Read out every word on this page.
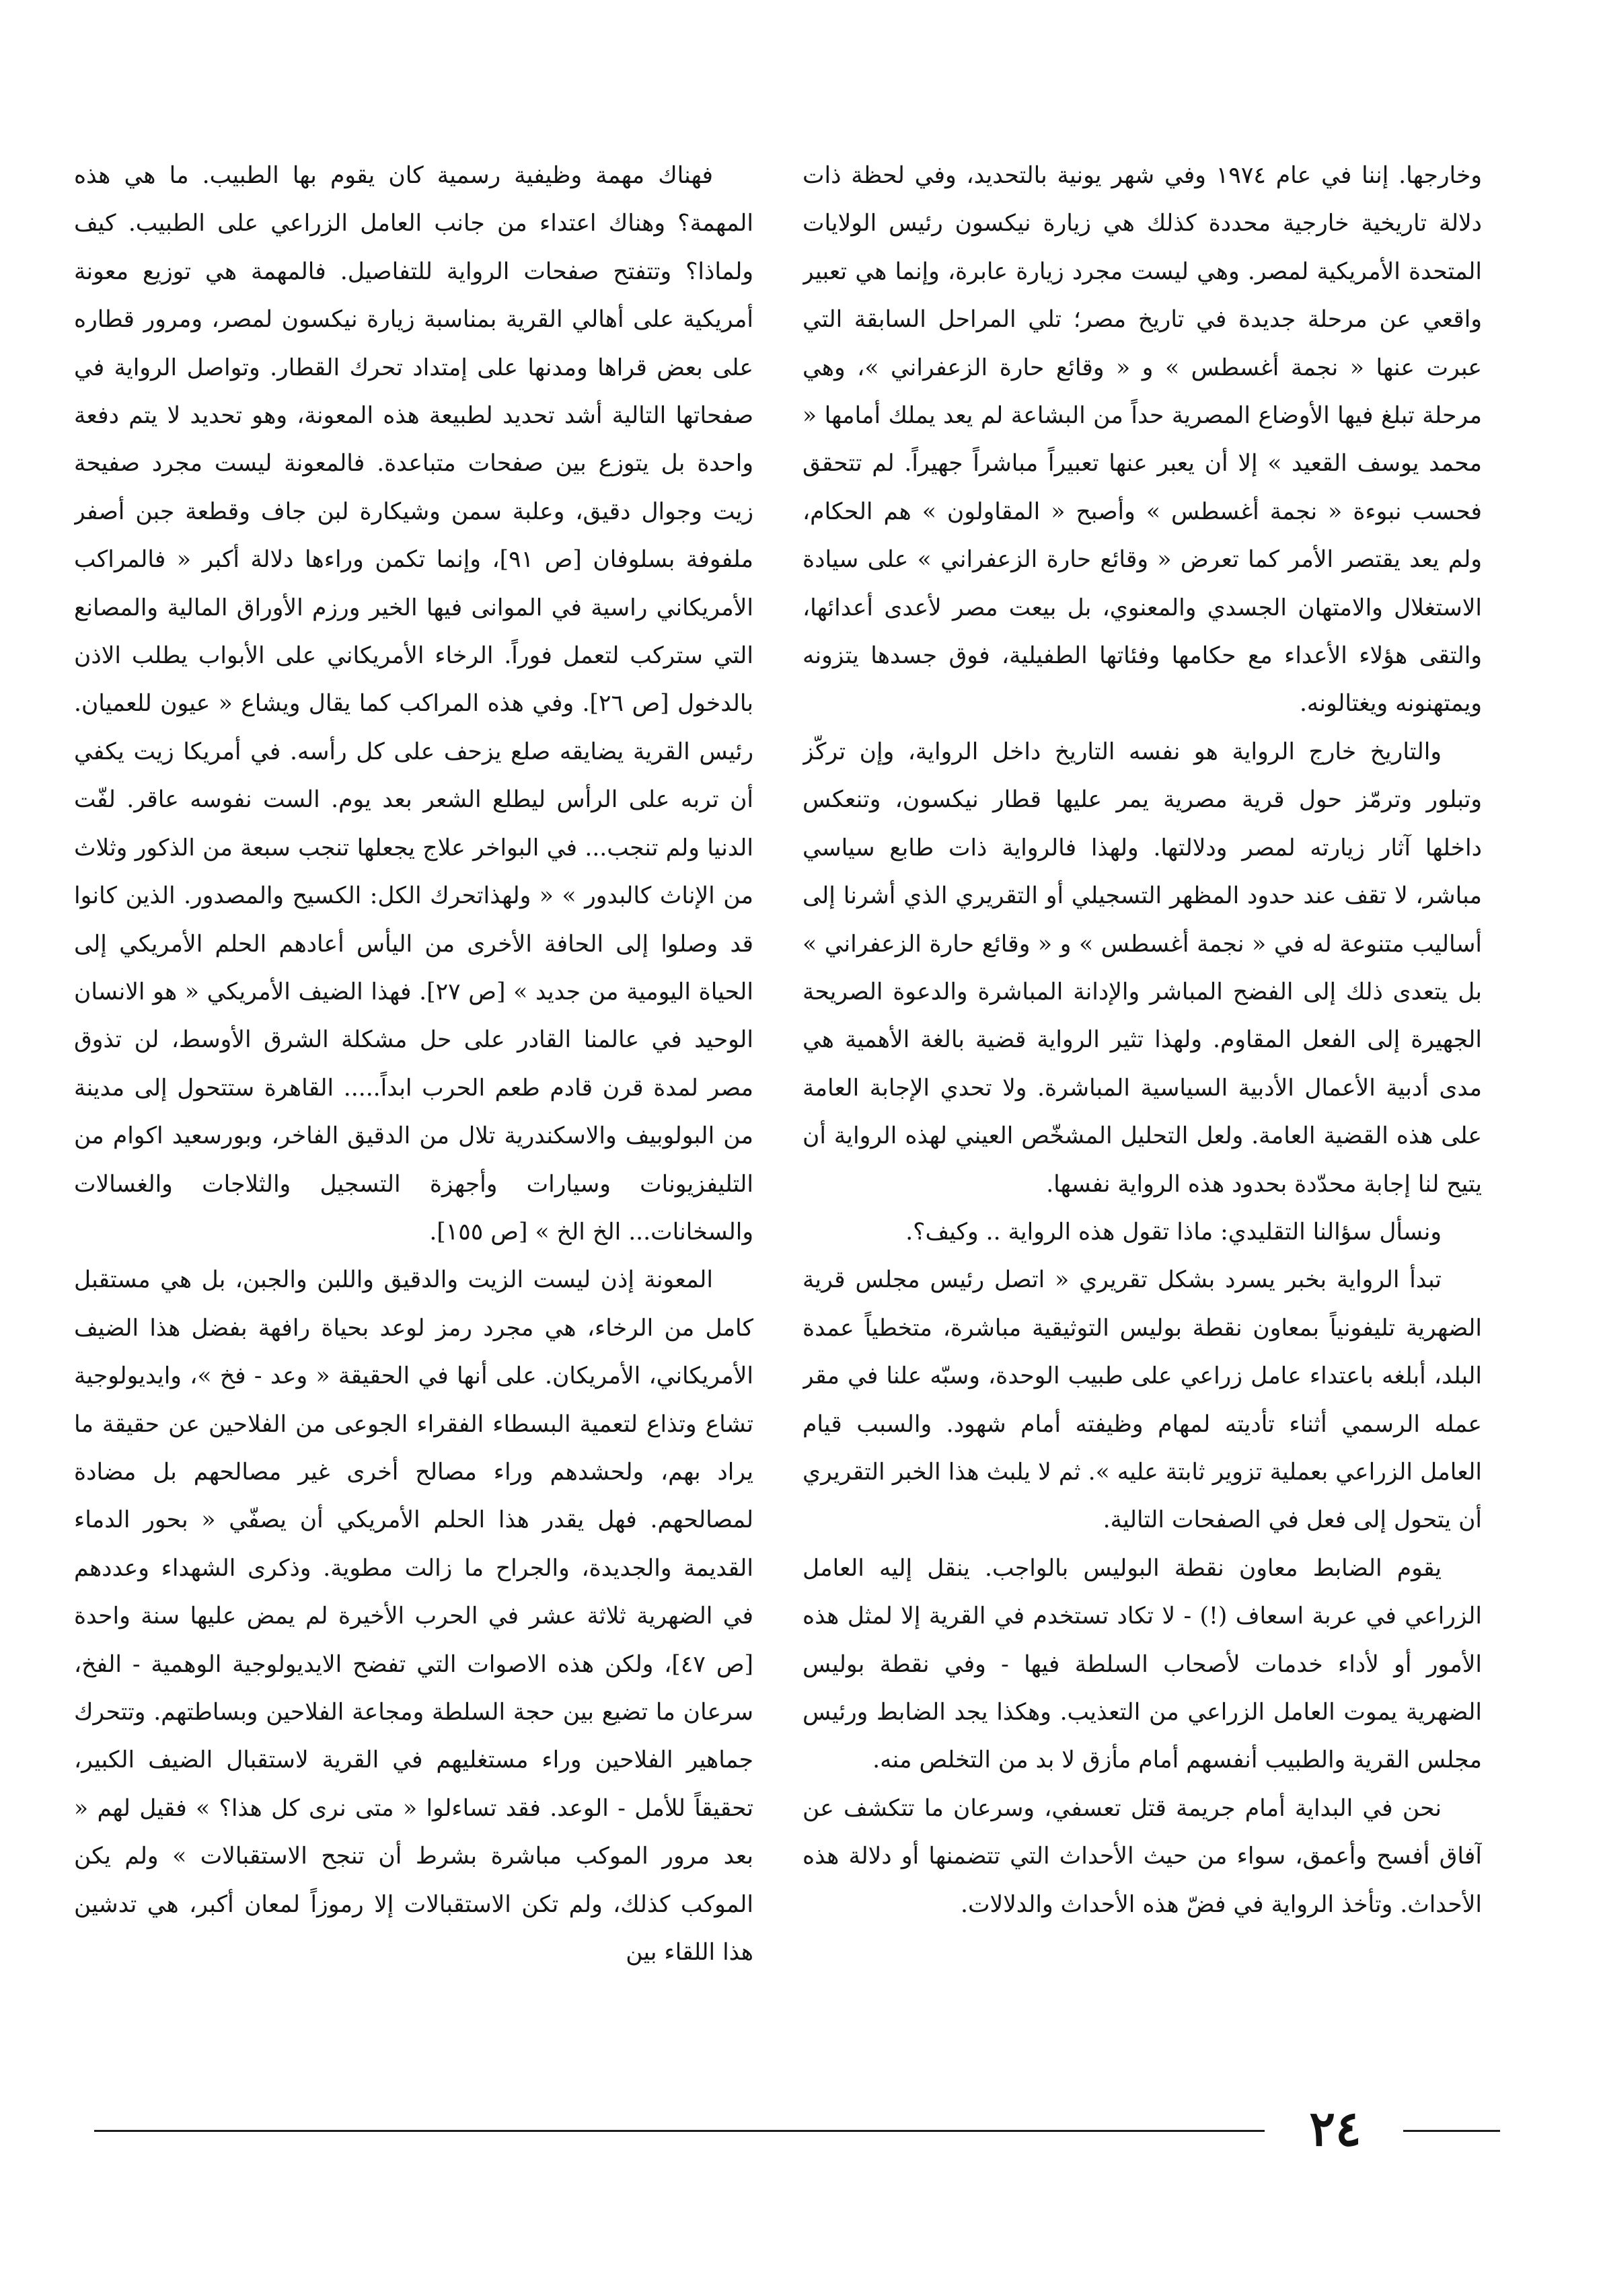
وخارجها. إننا في عام ١٩٧٤ وفي شهر يونية بالتحديد، وفي لحظة ذات دلالة تاريخية خارجية محددة كذلك هي زيارة نيكسون رئيس الولايات المتحدة الأمريكية لمصر. وهي ليست مجرد زيارة عابرة، وإنما هي تعبير واقعي عن مرحلة جديدة في تاريخ مصر؛ تلي المراحل السابقة التي عبرت عنها « نجمة أغسطس » و « وقائع حارة الزعفراني »، وهي مرحلة تبلغ فيها الأوضاع المصرية حداً من البشاعة لم يعد يملك أمامها « محمد يوسف القعيد » إلا أن يعبر عنها تعبيراً مباشراً جهيراً. لم تتحقق فحسب نبوءة « نجمة أغسطس » وأصبح « المقاولون » هم الحكام، ولم يعد يقتصر الأمر كما تعرض « وقائع حارة الزعفراني » على سيادة الاستغلال والامتهان الجسدي والمعنوي، بل بيعت مصر لأعدى أعدائها، والتقى هؤلاء الأعداء مع حكامها وفئاتها الطفيلية، فوق جسدها يتزونه ويمتهنونه ويغتالونه.

والتاريخ خارج الرواية هو نفسه التاريخ داخل الرواية، وإن تركّز وتبلور وترمّز حول قرية مصرية يمر عليها قطار نيكسون، وتنعكس داخلها آثار زيارته لمصر ودلالتها. ولهذا فالرواية ذات طابع سياسي مباشر، لا تقف عند حدود المظهر التسجيلي أو التقريري الذي أشرنا إلى أساليب متنوعة له في « نجمة أغسطس » و « وقائع حارة الزعفراني » بل يتعدى ذلك إلى الفضح المباشر والإدانة المباشرة والدعوة الصريحة الجهيرة إلى الفعل المقاوم. ولهذا تثير الرواية قضية بالغة الأهمية هي مدى أدبية الأعمال الأدبية السياسية المباشرة. ولا تحدي الإجابة العامة على هذه القضية العامة. ولعل التحليل المشخّص العيني لهذه الرواية أن يتيح لنا إجابة محدّدة بحدود هذه الرواية نفسها.

ونسأل سؤالنا التقليدي: ماذا تقول هذه الرواية .. وكيف؟.

تبدأ الرواية بخبر يسرد بشكل تقريري « اتصل رئيس مجلس قرية الضهرية تليفونياً بمعاون نقطة بوليس التوثيقية مباشرة، متخطياً عمدة البلد، أبلغه باعتداء عامل زراعي على طبيب الوحدة، وسبّه علنا في مقر عمله الرسمي أثناء تأديته لمهام وظيفته أمام شهود. والسبب قيام العامل الزراعي بعملية تزوير ثابتة عليه ». ثم لا يلبث هذا الخبر التقريري أن يتحول إلى فعل في الصفحات التالية.

يقوم الضابط معاون نقطة البوليس بالواجب. ينقل إليه العامل الزراعي في عربة اسعاف (!) - لا تكاد تستخدم في القرية إلا لمثل هذه الأمور أو لأداء خدمات لأصحاب السلطة فيها - وفي نقطة بوليس الضهرية يموت العامل الزراعي من التعذيب. وهكذا يجد الضابط ورئيس مجلس القرية والطبيب أنفسهم أمام مأزق لا بد من التخلص منه.

نحن في البداية أمام جريمة قتل تعسفي، وسرعان ما تتكشف عن آفاق أفسح وأعمق، سواء من حيث الأحداث التي تتضمنها أو دلالة هذه الأحداث. وتأخذ الرواية في فضّ هذه الأحداث والدلالات.

فهناك مهمة وظيفية رسمية كان يقوم بها الطبيب. ما هي هذه المهمة؟ وهناك اعتداء من جانب العامل الزراعي على الطبيب. كيف ولماذا؟ وتتفتح صفحات الرواية للتفاصيل. فالمهمة هي توزيع معونة أمريكية على أهالي القرية بمناسبة زيارة نيكسون لمصر، ومرور قطاره على بعض قراها ومدنها على إمتداد تحرك القطار. وتواصل الرواية في صفحاتها التالية أشد تحديد لطبيعة هذه المعونة، وهو تحديد لا يتم دفعة واحدة بل يتوزع بين صفحات متباعدة. فالمعونة ليست مجرد صفيحة زيت وجوال دقيق، وعلبة سمن وشيكارة لبن جاف وقطعة جبن أصفر ملفوفة بسلوفان [ص ٩١]، وإنما تكمن وراءها دلالة أكبر « فالمراكب الأمريكاني راسية في الموانى فيها الخير ورزم الأوراق المالية والمصانع التي ستركب لتعمل فوراً. الرخاء الأمريكاني على الأبواب يطلب الاذن بالدخول [ص ٢٦]. وفي هذه المراكب كما يقال ويشاع « عيون للعميان. رئيس القرية يضايقه صلع يزحف على كل رأسه. في أمريكا زيت يكفي أن تربه على الرأس ليطلع الشعر بعد يوم. الست نفوسه عاقر. لفّت الدنيا ولم تنجب... في البواخر علاج يجعلها تنجب سبعة من الذكور وثلاث من الإناث كالبدور » « ولهذاتحرك الكل: الكسيح والمصدور. الذين كانوا قد وصلوا إلى الحافة الأخرى من اليأس أعادهم الحلم الأمريكي إلى الحياة اليومية من جديد » [ص ٢٧]. فهذا الضيف الأمريكي « هو الانسان الوحيد في عالمنا القادر على حل مشكلة الشرق الأوسط، لن تذوق مصر لمدة قرن قادم طعم الحرب ابداً..... القاهرة ستتحول إلى مدينة من البولوبيف والاسكندرية تلال من الدقيق الفاخر، وبورسعيد اكوام من التليفزيونات وسيارات وأجهزة التسجيل والثلاجات والغسالات والسخانات... الخ الخ » [ص ١٥٥].

المعونة إذن ليست الزيت والدقيق واللبن والجبن، بل هي مستقبل كامل من الرخاء، هي مجرد رمز لوعد بحياة رافهة بفضل هذا الضيف الأمريكاني، الأمريكان. على أنها في الحقيقة « وعد - فخ »، وايديولوجية تشاع وتذاع لتعمية البسطاء الفقراء الجوعى من الفلاحين عن حقيقة ما يراد بهم، ولحشدهم وراء مصالح أخرى غير مصالحهم بل مضادة لمصالحهم. فهل يقدر هذا الحلم الأمريكي أن يصفّي « بحور الدماء القديمة والجديدة، والجراح ما زالت مطوية. وذكرى الشهداء وعددهم في الضهرية ثلاثة عشر في الحرب الأخيرة لم يمض عليها سنة واحدة [ص ٤٧]، ولكن هذه الاصوات التي تفضح الايديولوجية الوهمية - الفخ، سرعان ما تضيع بين حجة السلطة ومجاعة الفلاحين وبساطتهم. وتتحرك جماهير الفلاحين وراء مستغليهم في القرية لاستقبال الضيف الكبير، تحقيقاً للأمل - الوعد. فقد تساءلوا « متى نرى كل هذا؟ » فقيل لهم « بعد مرور الموكب مباشرة بشرط أن تنجح الاستقبالات » ولم يكن الموكب كذلك، ولم تكن الاستقبالات إلا رموزاً لمعان أكبر، هي تدشين هذا اللقاء بين

٢٤
